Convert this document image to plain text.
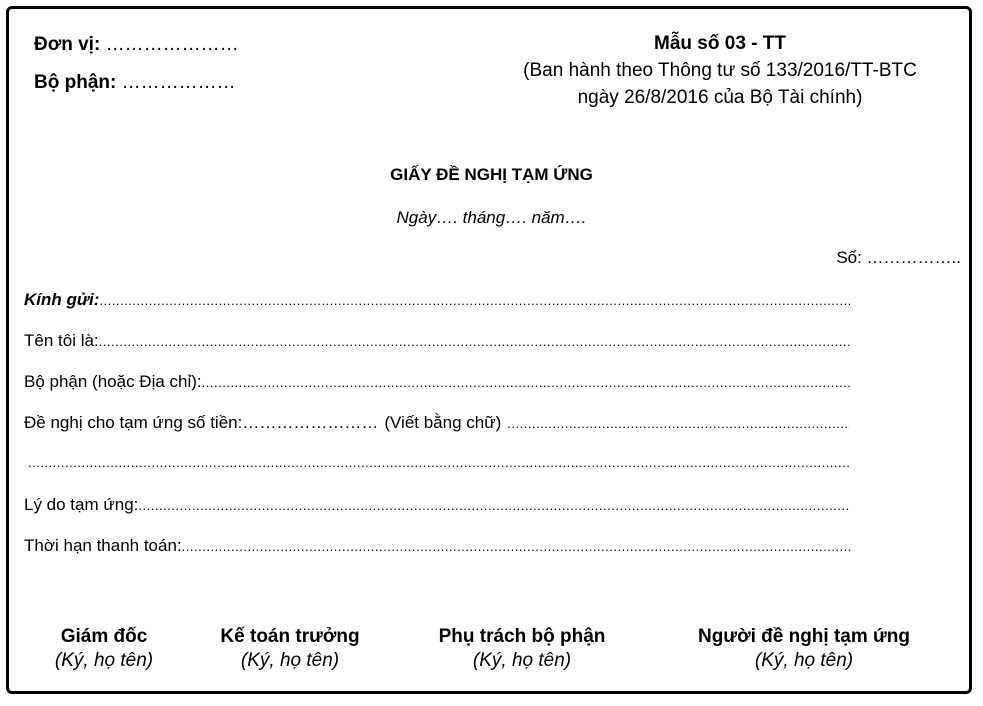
Đơn vị: …………………
Bộ phận: ………………
Mẫu số 03 - TT
(Ban hành theo Thông tư số 133/2016/TT-BTC
ngày 26/8/2016 của Bộ Tài chính)
GIẤY ĐỀ NGHỊ TẠM ỨNG
Ngày…. tháng…. năm….
Số: ……………..
Kính gửi:
.....
Tên tôi là:
.....
Bộ phận (hoặc Địa chỉ):
.....
Đề nghị cho tạm ứng số tiền:…………………… (Viết bằng chữ)
.....
.....
Lý do tạm ứng:
.....
Thời hạn thanh toán:
.....
Giám đốc
(Ký, họ tên)
Kế toán trưởng
(Ký, họ tên)
Phụ trách bộ phận
(Ký, họ tên)
Người đề nghị tạm ứng
(Ký, họ tên)
